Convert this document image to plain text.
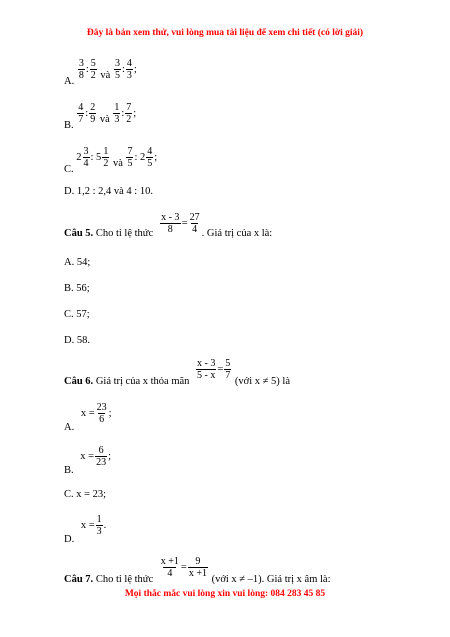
Đây là bản xem thử, vui lòng mua tài liệu để xem chi tiết (có lời giải)
A.
$\frac{3}{8}$ : $\frac{5}{2}$ và $\frac{3}{5}$ : $\frac{4}{3}$ ;
B.
$\frac{4}{7}$ : $\frac{2}{9}$ và $\frac{1}{3}$ : $\frac{7}{2}$ ;
C. $2 \frac{3}{4}$ : $5 \frac{1}{2}$ và $\frac{7}{5}$ : $2 \frac{4}{5}$ ;
D. 1,2 : 2,4 và 4 : 10.
Câu 5. Cho tỉ lệ thức $\frac{x - 3}{8} = \frac{27}{4}$ . Giá trị của x là:
A. 54;
B. 56;
C. 57;
D. 58.
Câu 6. Giá trị của x thỏa mãn
$\frac{x - 3}{5 - x} = \frac{5}{7}$
(với x ≠ 5) là
A. $x = \frac{23}{6}$ ;
B. $x = \frac{6}{23}$ ;
C. x = 23;
D. $x = \frac{1}{3}$ .
Câu 7. Cho tỉ lệ thức
$\frac{x +1}{4} = \frac{9}{x +1}$
(với x ≠ –1). Giá trị x âm là:
Mọi thắc mắc vui lòng xin vui lòng: 084 283 45 85
